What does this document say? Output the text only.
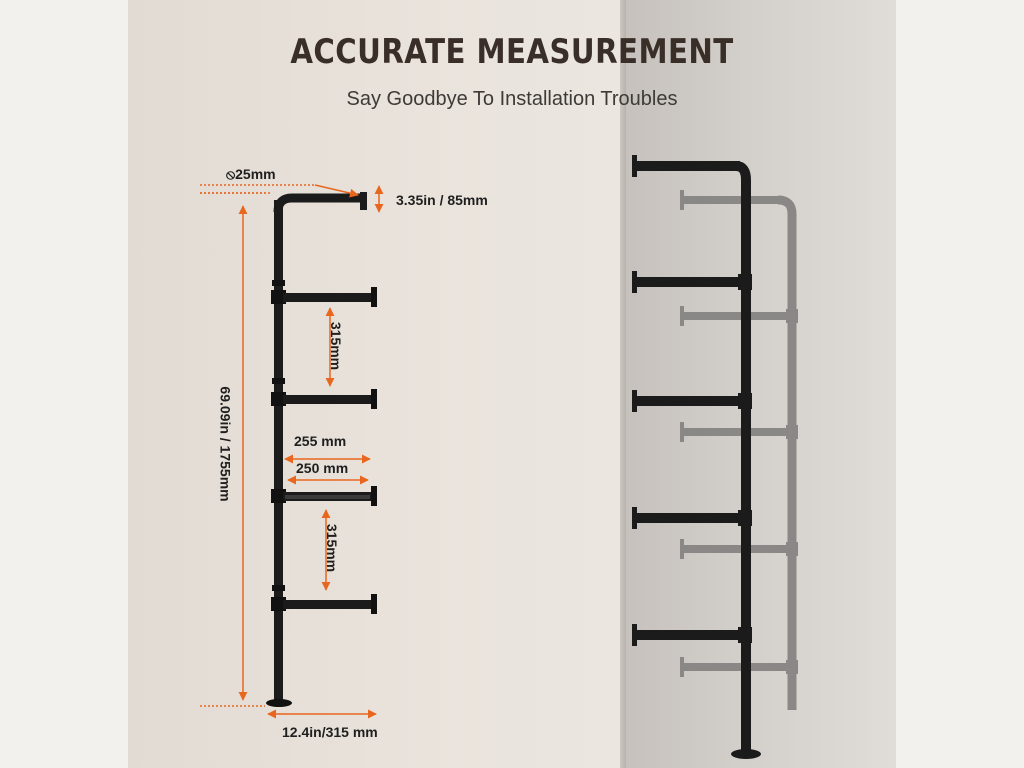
ACCURATE MEASUREMENT
Say Goodbye To Installation Troubles
⦸25mm
3.35in / 85mm
315mm
69.09in / 1755mm	255 mm
250 mm
315mm
12.4in/315 mm
